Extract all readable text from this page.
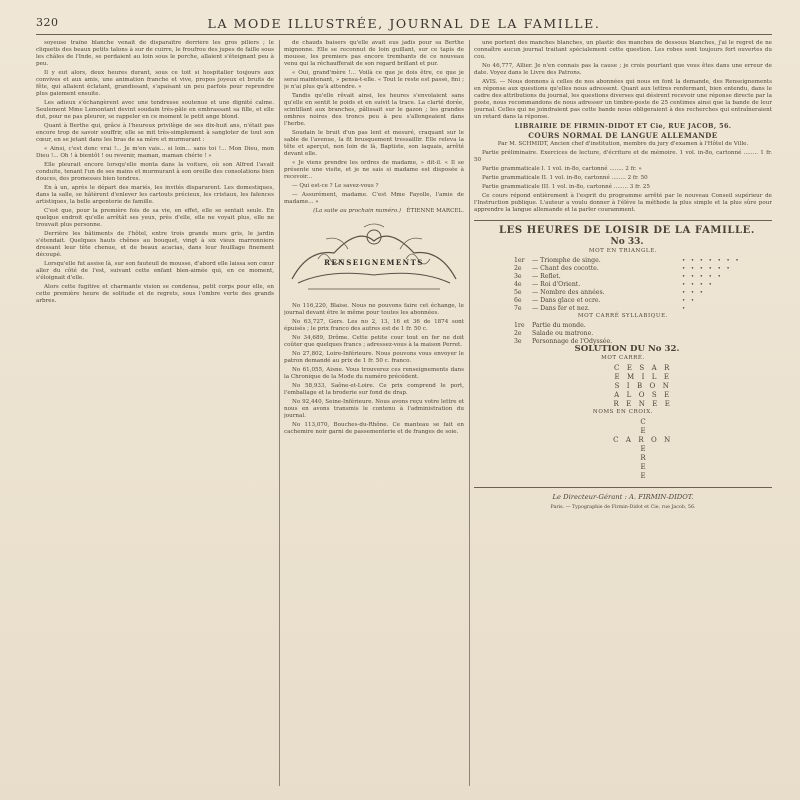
320	LA MODE ILLUSTRÉE, JOURNAL DE LA FAMILLE.

soyeuse traîne blanche venait de disparaître derrière les gros piliers ; le cliquetis des beaux petits talons à sur de cuirre, le froufrou des jupes de faille sous les châles de l'Inde, se perdaient au loin sous le porche, allaient s'éteignant peu à peu.

Il y eut alors, deux heures durant, sous ce toit si hospitalier toujours aux convives et aux amis, une animation franche et vive, propos joyeux et bruits de fête, qui allaient éclatant, grandissant, s'apaisant un peu parfois pour reprendre plus gaiement ensuite.

Les adieux s'échangèrent avec une tendresse soutenue et une dignité calme. Seulement Mme Lemontant devint soudain très-pâle en embrassant sa fille, et elle dut, pour ne pas pleurer, se rappeler en ce moment le petit ange blond.

Quant à Berthe qui, grâce à l'heureux privilège de ses dix-huit ans, n'était pas encore trop de savoir souffrir, elle se mit très-simplement à sangloter de tout son cœur, en se jetant dans les bras de sa mère et murmurant :

« Ainsi, c'est donc vrai !... Je m'en vais... si loin... sans toi !... Mon Dieu, mon Dieu !... Oh ! à bientôt ! ou revenir, maman, maman chérie ! »

Elle pleurait encore lorsqu'elle monta dans la voiture, où son Alfred l'avait conduite, tenant l'un de ses mains et murmurant à son oreille des consolations bien douces, des promesses bien tendres.

En à un, après le départ des mariés, les invités disparurent. Les domestiques, dans la salle, se hâtèrent d'enlever les cartouts précieux, les cristaux, les faïences artistiques, la belle argenterie de famille.

C'est que, pour la première fois de sa vie, en effet, elle se sentait seule. En quelque endroit qu'elle arrêtât ses yeux, près d'elle, elle ne voyait plus, elle ne trouvait plus personne.

Derrière les bâtiments de l'hôtel, entre trois grands murs gris, le jardin s'étendait. Quelques hauts chênes au bouquet, vingt à six vieux marronniers dressant leur tête chenue, et de beaux acacias, dans leur feuillage finement découpé.

Lorsqu'elle fut assise là, sur son fauteuil de mousse, d'abord elle laissa son cœur aller du côté de l'est, suivant cette enfant bien-aimée qui, en ce moment, s'éloignait d'elle.

Alors cette fugitive et charmante vision se condensa, petit corps pour elle, en cette première heure de solitude et de regrets, sous l'ombre verte des grands arbres.

de chauds baisers qu'elle avait eus jadis pour sa Berthe mignonne. Elle se reconnut de loin guillant, sur ce tapis de mousse, les premiers pas encore trembants de ce nouveau venu qui la réchaufferait de son regard brillant et pur.

« Oui, grand'mère !... Voilà ce que je dois être, ce que je serai maintenant, » pensa-t-elle. « Tout le reste est passé, fini ; je n'ai plus qu'à attendre. »

Tandis qu'elle rêvait ainsi, les heures s'envolaient sans qu'elle en sentit le poids et en suivit la trace. La clarté dorée, scintillant aux branches, pâlissait sur le gazon ; les grandes ombres noires des troncs peu à peu s'allongeaient dans l'herbe.

Soudain le bruit d'un pas lent et mesuré, craquant sur le sable de l'avenue, la fit brusquement tressaillir. Elle releva la tête et aperçut, non loin de là, Baptiste, son laquais, arrêté devant elle.

« Je viens prendre les ordres de madame, » dit-il. « Il se présente une visite, et je ne sais si madame est disposée à recevoir...

— Qui est-ce ? Le savez-vous ?

— Assurément, madame. C'est Mme Fayolle, l'amie de madame... »

(La suite au prochain numéro.) ÉTIENNE MARCEL.

RENSEIGNEMENTS

No 116,220, Blaise. Nous ne pouvons faire cet échange, le journal devant être le même pour toutes les abonnées.

No 63,727, Gers. Les no 2, 13, 16 et 36 de 1874 sont épuisés ; le prix franco des autres est de 1 fr. 50 c.

No 34,689, Drôme. Cette petite cour tout en fer ne doit coûter que quelques francs ; adressez-vous à la maison Perret.

No 27,802, Loire-Inférieure. Nous pouvons vous envoyer le patron demandé au prix de 1 fr. 50 c. franco.

No 61,055, Aisne. Vous trouverez ces renseignements dans la Chronique de la Mode du numéro précédent.

No 58,933, Saône-et-Loire. Ce prix comprend le port, l'emballage et la broderie sur fond de drap.

No 92,440, Seine-Inférieure. Nous avons reçu votre lettre et nous en avons transmis le contenu à l'administration du journal.

No 113,070, Bouches-du-Rhône. Ce manteau se fait en cachemire noir garni de passementerie et de franges de soie.

une portent des manches blanches, un plastic des manches de dessous blanches, j'ai le regret de ne connaître aucun journal traitant spécialement cette question. Les robes sont toujours fort ouvertes du cou.

No 46,777, Allier. Je n'en connais pas la cause ; je crois pourtant que vous êtes dans une erreur de date. Voyez dans le Livre des Patrons.

AVIS. — Nous donnons à celles de nos abonnées qui nous en font la demande, des Renseignements en réponse aux questions qu'elles nous adressent. Quant aux lettres renfermant, bien entendu, dans le cadre des attributions du journal, les questions diverses qui désirent recevoir une réponse directe par la poste, nous recommandons de nous adresser un timbre-poste de 25 centimes ainsi que la bande de leur journal. Celles qui ne joindraient pas cette bande nous obligeraient à des recherches qui entraîneraient un retard dans la réponse.

LIBRAIRIE DE FIRMIN-DIDOT ET Cie, RUE JACOB, 56.

COURS NORMAL DE LANGUE ALLEMANDE

Par M. SCHMIDT, Ancien chef d'institution, membre du jury d'examen à l'Hôtel de Ville.

Partie préliminaire. Exercices de lecture, d'écriture et de mémoire. 1 vol. in-8o, cartonné ........ 1 fr. 50

Partie grammaticale I. 1 vol. in-8o, cartonné ........ 2 fr. »

Partie grammaticale II. 1 vol. in-8o, cartonné ........ 2 fr. 50

Partie grammaticale III. 1 vol. in-8o, cartonné ........ 3 fr. 25

Ce cours répond entièrement à l'esprit du programme arrêté par le nouveau Conseil supérieur de l'Instruction publique. L'auteur a voulu donner à l'élève la méthode la plus simple et la plus sûre pour apprendre la langue allemande et la parler couramment.

LES HEURES DE LOISIR DE LA FAMILLE.

No 33.

MOT EN TRIANGLE.

1er	— Triomphe de singe.	• • • • • • •
2e	— Chant des cocotte.	• • • • • •
3e	— Reflet.	• • • • •
4e	— Roi d'Orient.	• • • •
5e	— Nombre des années.	• • •
6e	— Dans glace et ocre.	• •
7e	— Dans fer et nez.	•

MOT CARRÉ SYLLABIQUE.

1re	Partie du monde.
2e	Salade ou matrone.
3e	Personnage de l'Odyssée.

SOLUTION DU No 32.

MOT CARRÉ.

C E S A R
E M I L E
S I B O N
A L O S E
R E N E E

NOMS EN CROIX.

C
E
C A R O N
E
R
E
E
Le Directeur-Gérant : A. FIRMIN-DIDOT.
Paris. — Typographie de Firmin-Didot et Cie, rue Jacob, 56.
